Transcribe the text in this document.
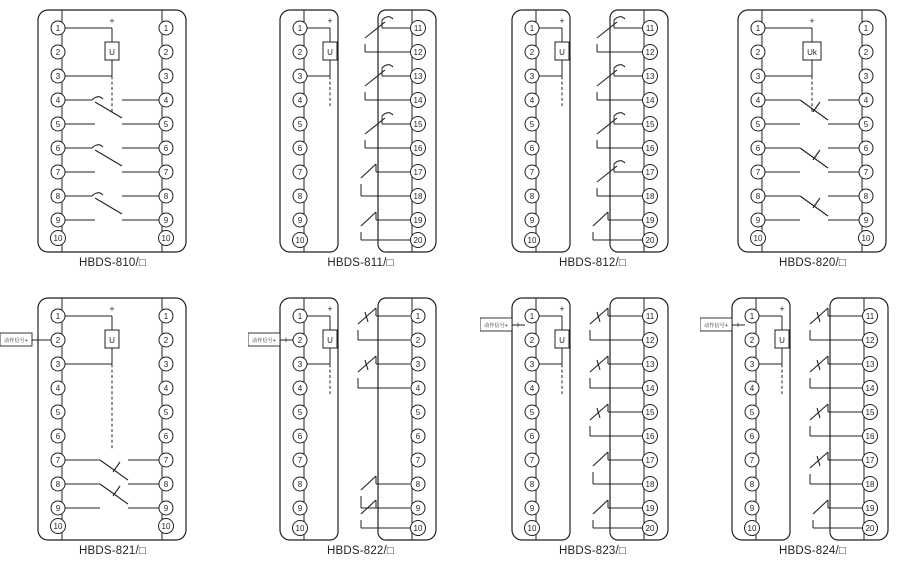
1
2
3
4
5
6
7
8
9
10
1
2
3
4
5
6
7
8
9
10
+
U
HBDS-810/□
1
2
3
4
5
6
7
8
9
10
11
12
13
14
15
16
17
18
19
20
+
U
HBDS-811/□
1
2
3
4
5
6
7
8
9
10
11
12
13
14
15
16
17
18
19
20
+
U
HBDS-812/□
1
2
3
4
5
6
7
8
9
10
1
2
3
4
5
6
7
8
9
10
+
Uk
HBDS-820/□
1
2
3
4
5
6
7
8
9
10
1
2
3
4
5
6
7
8
9
10
动作信号+ +
+
U
HBDS-821/□
1
2
3
4
5
6
7
8
9
10
1
2
3
4
5
6
7
8
9
10
动作信号+ +
+
U
HBDS-822/□
1
2
3
4
5
6
7
8
9
10
11
12
13
14
15
16
17
18
19
20
动作信号+ +
+
U
HBDS-823/□
1
2
3
4
5
6
7
8
9
10
11
12
13
14
15
16
17
18
19
20
动作信号+ +
+
U
HBDS-824/□
